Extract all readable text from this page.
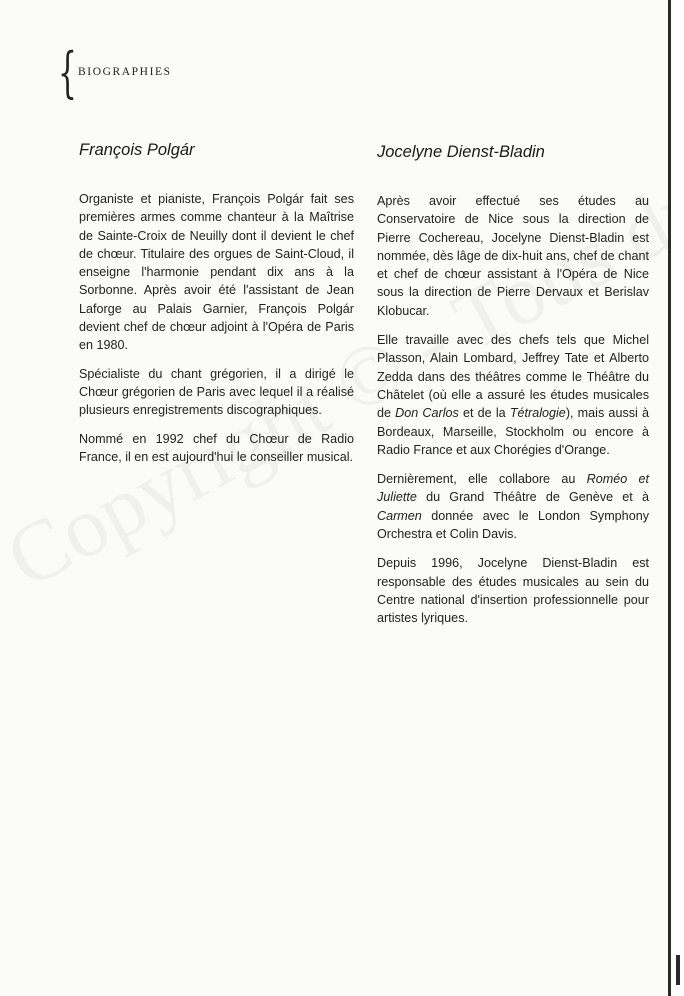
{ BIOGRAPHIES
François Polgár

Organiste et pianiste, François Polgár fait ses premières armes comme chanteur à la Maîtrise de Sainte-Croix de Neuilly dont il devient le chef de chœur. Titulaire des orgues de Saint-Cloud, il enseigne l'harmonie pendant dix ans à la Sorbonne. Après avoir été l'assistant de Jean Laforge au Palais Garnier, François Polgár devient chef de chœur adjoint à l'Opéra de Paris en 1980.

Spécialiste du chant grégorien, il a dirigé le Chœur grégorien de Paris avec lequel il a réalisé plusieurs enregistrements discographiques.

Nommé en 1992 chef du Chœur de Radio France, il en est aujourd'hui le conseiller musical.

Jocelyne Dienst-Bladin

Après avoir effectué ses études au Conservatoire de Nice sous la direction de Pierre Cochereau, Jocelyne Dienst-Bladin est nommée, dès lâge de dix-huit ans, chef de chant et chef de chœur assistant à l'Opéra de Nice sous la direction de Pierre Dervaux et Berislav Klobucar.

Elle travaille avec des chefs tels que Michel Plasson, Alain Lombard, Jeffrey Tate et Alberto Zedda dans des théâtres comme le Théâtre du Châtelet (où elle a assuré les études musicales de Don Carlos et de la Tétralogie), mais aussi à Bordeaux, Marseille, Stockholm ou encore à Radio France et aux Chorégies d'Orange.

Dernièrement, elle collabore au Roméo et Juliette du Grand Théâtre de Genève et à Carmen donnée avec le London Symphony Orchestra et Colin Davis.

Depuis 1996, Jocelyne Dienst-Bladin est responsable des études musicales au sein du Centre national d'insertion professionnelle pour artistes lyriques.
